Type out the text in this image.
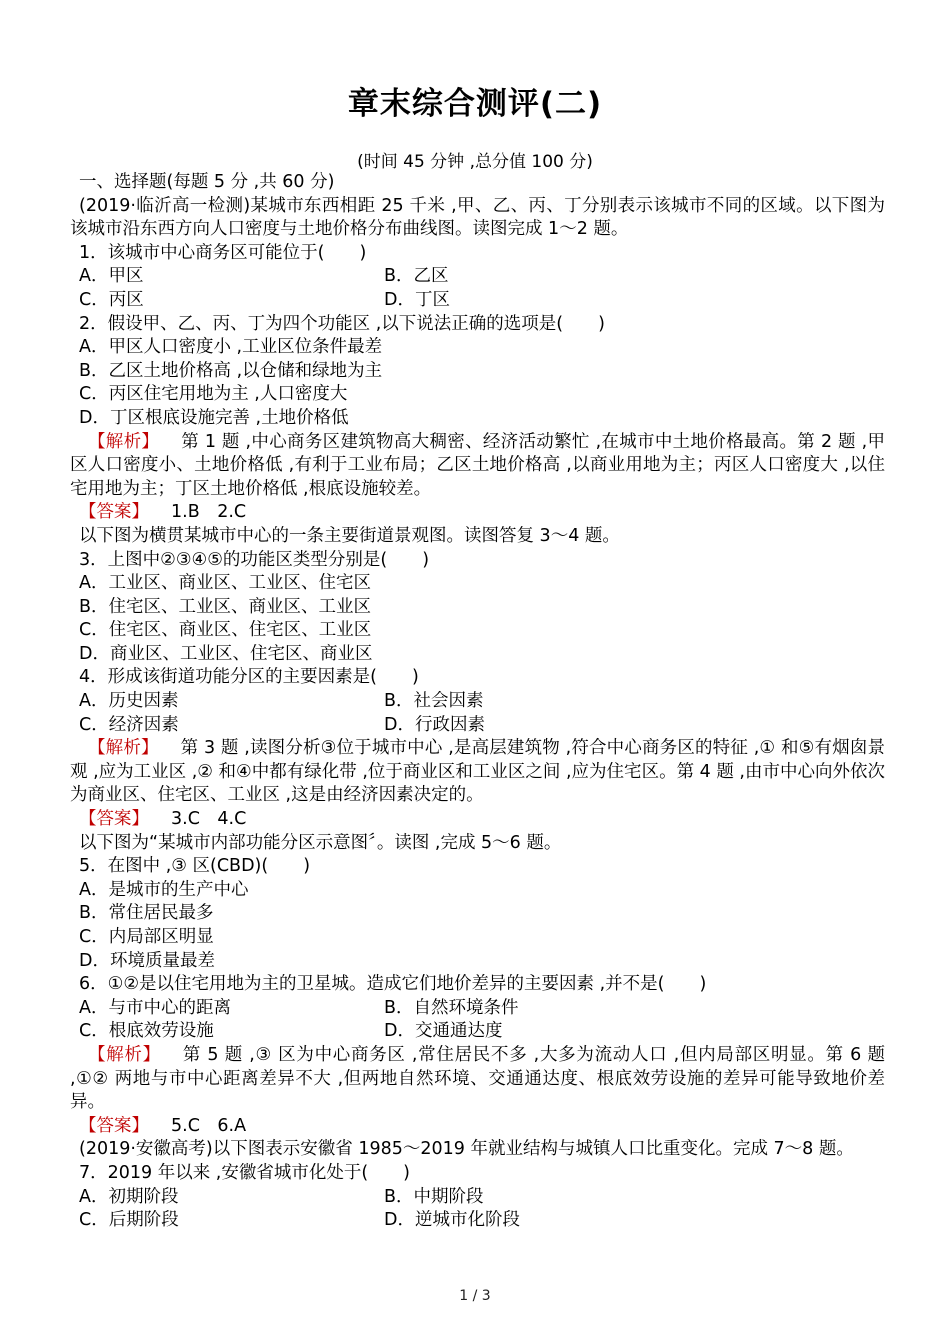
章末综合测评(二)
(时间 45 分钟 ,总分值 100 分)
一、选择题(每题 5 分 ,共 60 分)
(2019·临沂高一检测)某城市东西相距 25 千米 ,甲、乙、丙、丁分别表示该城市不同的区域。以下图为该城市沿东西方向人口密度与土地价格分布曲线图。读图完成 1～2 题。
1．该城市中心商务区可能位于(　　)
A．甲区	B．乙区
C．丙区	D．丁区
2．假设甲、乙、丙、丁为四个功能区 ,以下说法正确的选项是(　　)
A．甲区人口密度小 ,工业区位条件最差
B．乙区土地价格高 ,以仓储和绿地为主
C．丙区住宅用地为主 ,人口密度大
D．丁区根底设施完善 ,土地价格低
【解析】 第 1 题 ,中心商务区建筑物高大稠密、经济活动繁忙 ,在城市中土地价格最高。第 2 题 ,甲区人口密度小、土地价格低 ,有利于工业布局；乙区土地价格高 ,以商业用地为主；丙区人口密度大 ,以住宅用地为主；丁区土地价格低 ,根底设施较差。
【答案】 1.B　2.C
以下图为横贯某城市中心的一条主要街道景观图。读图答复 3～4 题。
3．上图中②③④⑤的功能区类型分别是(　　)
A．工业区、商业区、工业区、住宅区
B．住宅区、工业区、商业区、工业区
C．住宅区、商业区、住宅区、工业区
D．商业区、工业区、住宅区、商业区
4．形成该街道功能分区的主要因素是(　　)
A．历史因素	B．社会因素
C．经济因素	D．行政因素
【解析】 第 3 题 ,读图分析③位于城市中心 ,是高层建筑物 ,符合中心商务区的特征 ,① 和⑤有烟囱景观 ,应为工业区 ,② 和④中都有绿化带 ,位于商业区和工业区之间 ,应为住宅区。第 4 题 ,由市中心向外依次为商业区、住宅区、工业区 ,这是由经济因素决定的。
【答案】 3.C　4.C
以下图为“某城市内部功能分区示意图〞。读图 ,完成 5～6 题。
5．在图中 ,③ 区(CBD)(　　)
A．是城市的生产中心
B．常住居民最多
C．内局部区明显
D．环境质量最差
6．①②是以住宅用地为主的卫星城。造成它们地价差异的主要因素 ,并不是(　　)
A．与市中心的距离	B．自然环境条件
C．根底效劳设施	D．交通通达度
【解析】 第 5 题 ,③ 区为中心商务区 ,常住居民不多 ,大多为流动人口 ,但内局部区明显。第 6 题 ,①② 两地与市中心距离差异不大 ,但两地自然环境、交通通达度、根底效劳设施的差异可能导致地价差异。
【答案】 5.C　6.A
(2019·安徽高考)以下图表示安徽省 1985～2019 年就业结构与城镇人口比重变化。完成 7～8 题。
7．2019 年以来 ,安徽省城市化处于(　　)
A．初期阶段	B．中期阶段
C．后期阶段	D．逆城市化阶段
1 / 3
